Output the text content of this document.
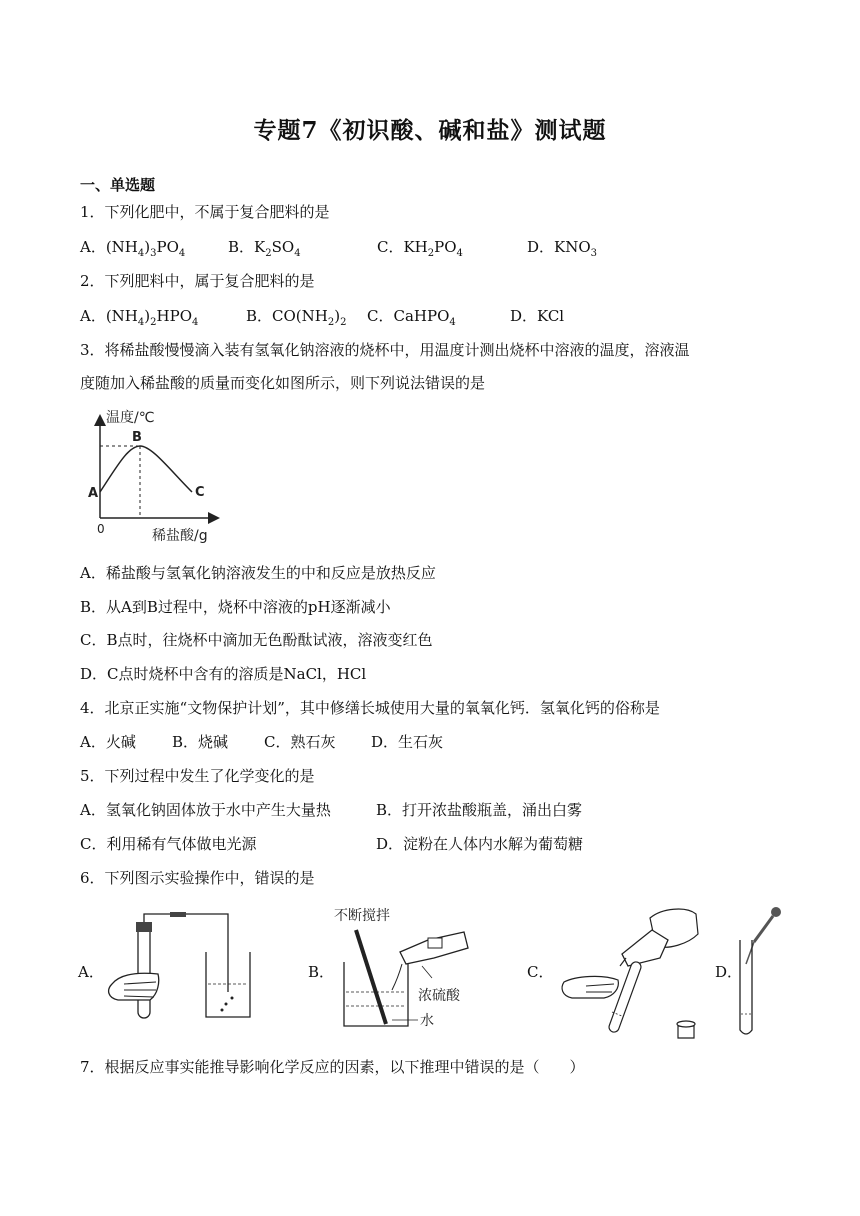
专题7《初识酸、碱和盐》测试题
一、单选题
1．下列化肥中，不属于复合肥料的是
A．$(NH_4)_3PO_4$	B．$K_2SO_4$	C．$KH_2PO_4$	D．$KNO_3$
2．下列肥料中，属于复合肥料的是
A．$(NH_4)_2HPO_4$	B．$CO(NH_2)_2$ C．CaHPO$_4$	D．KCl
3．将稀盐酸慢慢滴入装有氢氧化钠溶液的烧杯中，用温度计测出烧杯中溶液的温度，溶液温
度随加入稀盐酸的质量而变化如图所示，则下列说法错误的是
温度/℃
B
A	C
0	稀盐酸/g
A．稀盐酸与氢氧化钠溶液发生的中和反应是放热反应
B．从A到B过程中，烧杯中溶液的pH逐渐减小
C．B点时，往烧杯中滴加无色酚酞试液，溶液变红色
D．C点时烧杯中含有的溶质是NaCl，HCl
4．北京正实施“文物保护计划”，其中修缮长城使用大量的氧氧化钙．氢氧化钙的俗称是
A．火碱 B．烧碱 C．熟石灰 D．生石灰
5．下列过程中发生了化学变化的是
A．氢氧化钠固体放于水中产生大量热	B．打开浓盐酸瓶盖，涌出白雾
C．利用稀有气体做电光源	D．淀粉在人体内水解为葡萄糖
6．下列图示实验操作中，错误的是
A．	B．
不断搅拌
浓硫酸
水
C．	D．
7．根据反应事实能推导影响化学反应的因素，以下推理中错误的是（　　）
